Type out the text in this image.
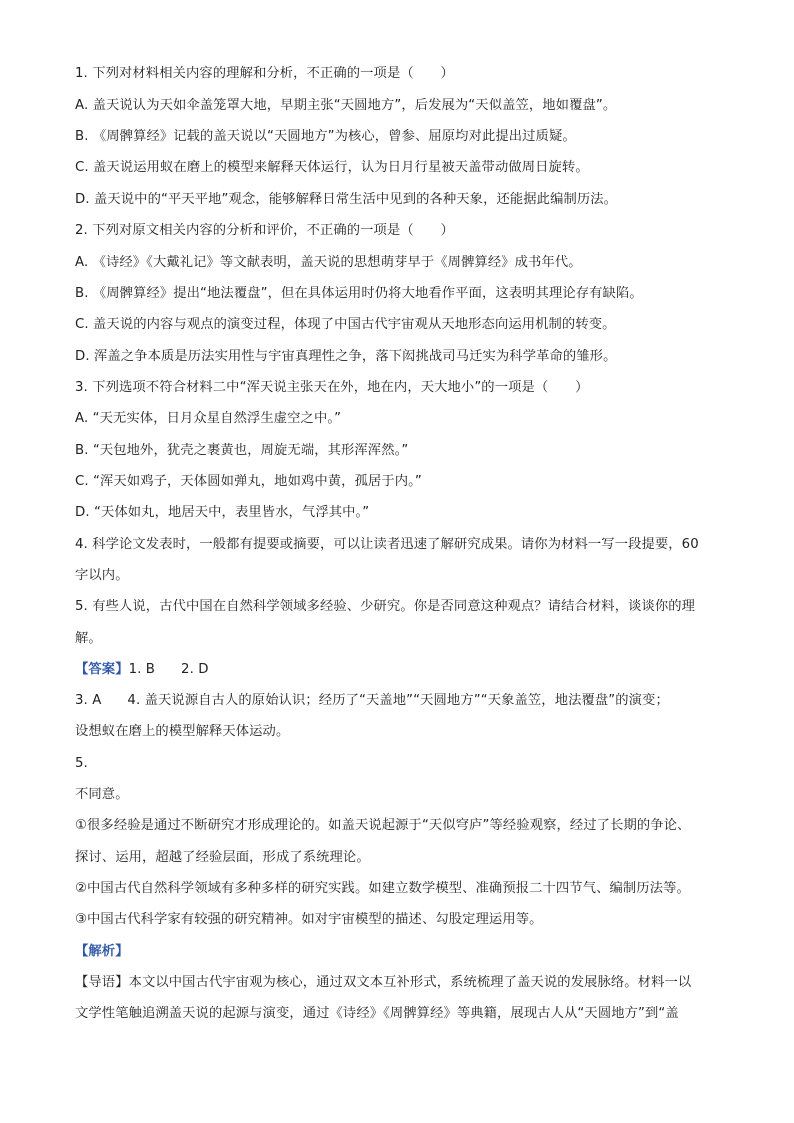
1. 下列对材料相关内容的理解和分析，不正确的一项是（　　）
A. 盖天说认为天如伞盖笼罩大地，早期主张“天圆地方”，后发展为“天似盖笠，地如覆盘”。
B. 《周髀算经》记载的盖天说以“天圆地方”为核心，曾参、屈原均对此提出过质疑。
C. 盖天说运用蚁在磨上的模型来解释天体运行，认为日月行星被天盖带动做周日旋转。
D. 盖天说中的“平天平地”观念，能够解释日常生活中见到的各种天象，还能据此编制历法。
2. 下列对原文相关内容的分析和评价，不正确的一项是（　　）
A. 《诗经》《大戴礼记》等文献表明，盖天说的思想萌芽早于《周髀算经》成书年代。
B. 《周髀算经》提出“地法覆盘”，但在具体运用时仍将大地看作平面，这表明其理论存有缺陷。
C. 盖天说的内容与观点的演变过程，体现了中国古代宇宙观从天地形态向运用机制的转变。
D. 浑盖之争本质是历法实用性与宇宙真理性之争，落下闳挑战司马迁实为科学革命的雏形。
3. 下列选项不符合材料二中“浑天说主张天在外，地在内，天大地小”的一项是（　　）
A. “天无实体，日月众星自然浮生虚空之中。”
B. “天包地外，犹壳之裹黄也，周旋无端，其形浑浑然。”
C. “浑天如鸡子，天体圆如弹丸，地如鸡中黄，孤居于内。”
D. “天体如丸，地居天中，表里皆水，气浮其中。”
4. 科学论文发表时，一般都有提要或摘要，可以让读者迅速了解研究成果。请你为材料一写一段提要，60
字以内。
5. 有些人说，古代中国在自然科学领域多经验、少研究。你是否同意这种观点？请结合材料，谈谈你的理
解。
【答案】1. B 2. D
3. A 4. 盖天说源自古人的原始认识；经历了“天盖地”“天圆地方”“天象盖笠，地法覆盘”的演变；
设想蚁在磨上的模型解释天体运动。
5.
不同意。
①很多经验是通过不断研究才形成理论的。如盖天说起源于“天似穹庐”等经验观察，经过了长期的争论、
探讨、运用，超越了经验层面，形成了系统理论。
②中国古代自然科学领域有多种多样的研究实践。如建立数学模型、准确预报二十四节气、编制历法等。
③中国古代科学家有较强的研究精神。如对宇宙模型的描述、勾股定理运用等。
【解析】
【导语】本文以中国古代宇宙观为核心，通过双文本互补形式，系统梳理了盖天说的发展脉络。材料一以
文学性笔触追溯盖天说的起源与演变，通过《诗经》《周髀算经》等典籍，展现古人从“天圆地方”到“盖
